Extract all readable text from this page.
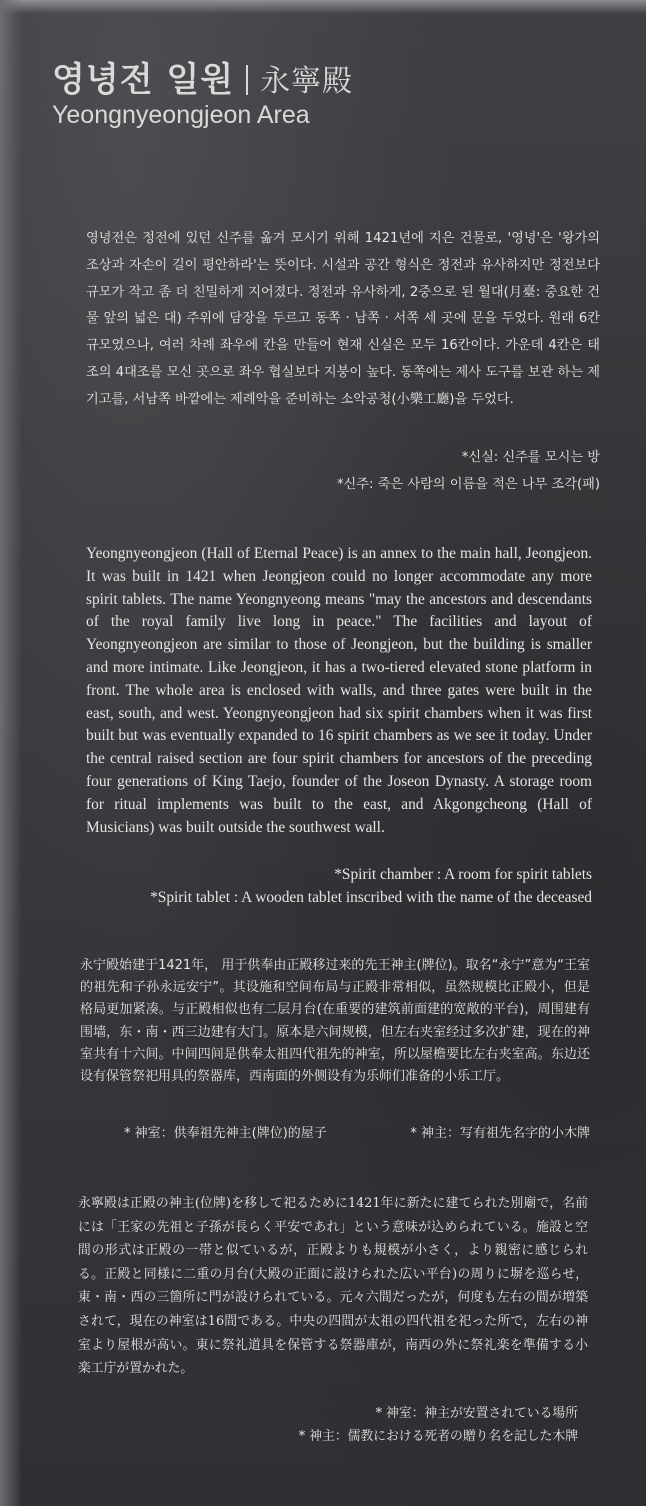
영녕전 일원 永寧殿
Yeongnyeongjeon Area

영녕전은 정전에 있던 신주를 옮겨 모시기 위해 1421년에 지은 건물로, '영녕'은 '왕가의 조상과 자손이 길이 평안하라'는 뜻이다. 시설과 공간 형식은 정전과 유사하지만 정전보다 규모가 작고 좀 더 친밀하게 지어졌다. 정전과 유사하게, 2중으로 된 월대(月臺: 중요한 건물 앞의 넓은 대) 주위에 담장을 두르고 동쪽 · 남쪽 · 서쪽 세 곳에 문을 두었다. 원래 6칸 규모였으나, 여러 차례 좌우에 칸을 만들어 현재 신실은 모두 16칸이다. 가운데 4칸은 태조의 4대조를 모신 곳으로 좌우 협실보다 지붕이 높다. 동쪽에는 제사 도구를 보관 하는 제기고를, 서남쪽 바깥에는 제례악을 준비하는 소악공청(小樂工廳)을 두었다.

*신실: 신주를 모시는 방

*신주: 죽은 사람의 이름을 적은 나무 조각(패)

Yeongnyeongjeon (Hall of Eternal Peace) is an annex to the main hall, Jeongjeon. It was built in 1421 when Jeongjeon could no longer accommodate any more spirit tablets. The name Yeongnyeong means "may the ancestors and descendants of the royal family live long in peace." The facilities and layout of Yeongnyeongjeon are similar to those of Jeongjeon, but the building is smaller and more intimate. Like Jeongjeon, it has a two-tiered elevated stone platform in front. The whole area is enclosed with walls, and three gates were built in the east, south, and west. Yeongnyeongjeon had six spirit chambers when it was first built but was eventually expanded to 16 spirit chambers as we see it today. Under the central raised section are four spirit chambers for ancestors of the preceding four generations of King Taejo, founder of the Joseon Dynasty. A storage room for ritual implements was built to the east, and Akgongcheong (Hall of Musicians) was built outside the southwest wall.

*Spirit chamber : A room for spirit tablets

*Spirit tablet : A wooden tablet inscribed with the name of the deceased

永宁殿始建于1421年， 用于供奉由正殿移过来的先王神主(牌位)。取名“永宁”意为“王室的祖先和子孙永远安宁”。其设施和空间布局与正殿非常相似，虽然规模比正殿小，但是格局更加紧凑。与正殿相似也有二层月台(在重要的建筑前面建的宽敞的平台)，周围建有围墙，东・南・西三边建有大门。原本是六间规模，但左右夹室经过多次扩建，现在的神室共有十六间。中间四间是供奉太祖四代祖先的神室，所以屋檐要比左右夹室高。东边还设有保管祭祀用具的祭器库，西南面的外侧设有为乐师们准备的小乐工厅。

* 神室：供奉祖先神主(牌位)的屋子	* 神主：写有祖先名字的小木牌

永寧殿は正殿の神主(位牌)を移して祀るために1421年に新たに建てられた別廟で，名前には「王家の先祖と子孫が長らく平安であれ」という意味が込められている。施設と空間の形式は正殿の一帯と似ているが，正殿よりも規模が小さく，より親密に感じられる。正殿と同様に二重の月台(大殿の正面に設けられた広い平台)の周りに塀を巡らせ，東・南・西の三箇所に門が設けられている。元々六間だったが，何度も左右の間が増築されて，現在の神室は16間である。中央の四間が太祖の四代祖を祀った所で，左右の神室より屋根が高い。東に祭礼道具を保管する祭器庫が，南西の外に祭礼楽を準備する小楽工庁が置かれた。

* 神室：神主が安置されている場所

* 神主：儒教における死者の贈り名を記した木牌
